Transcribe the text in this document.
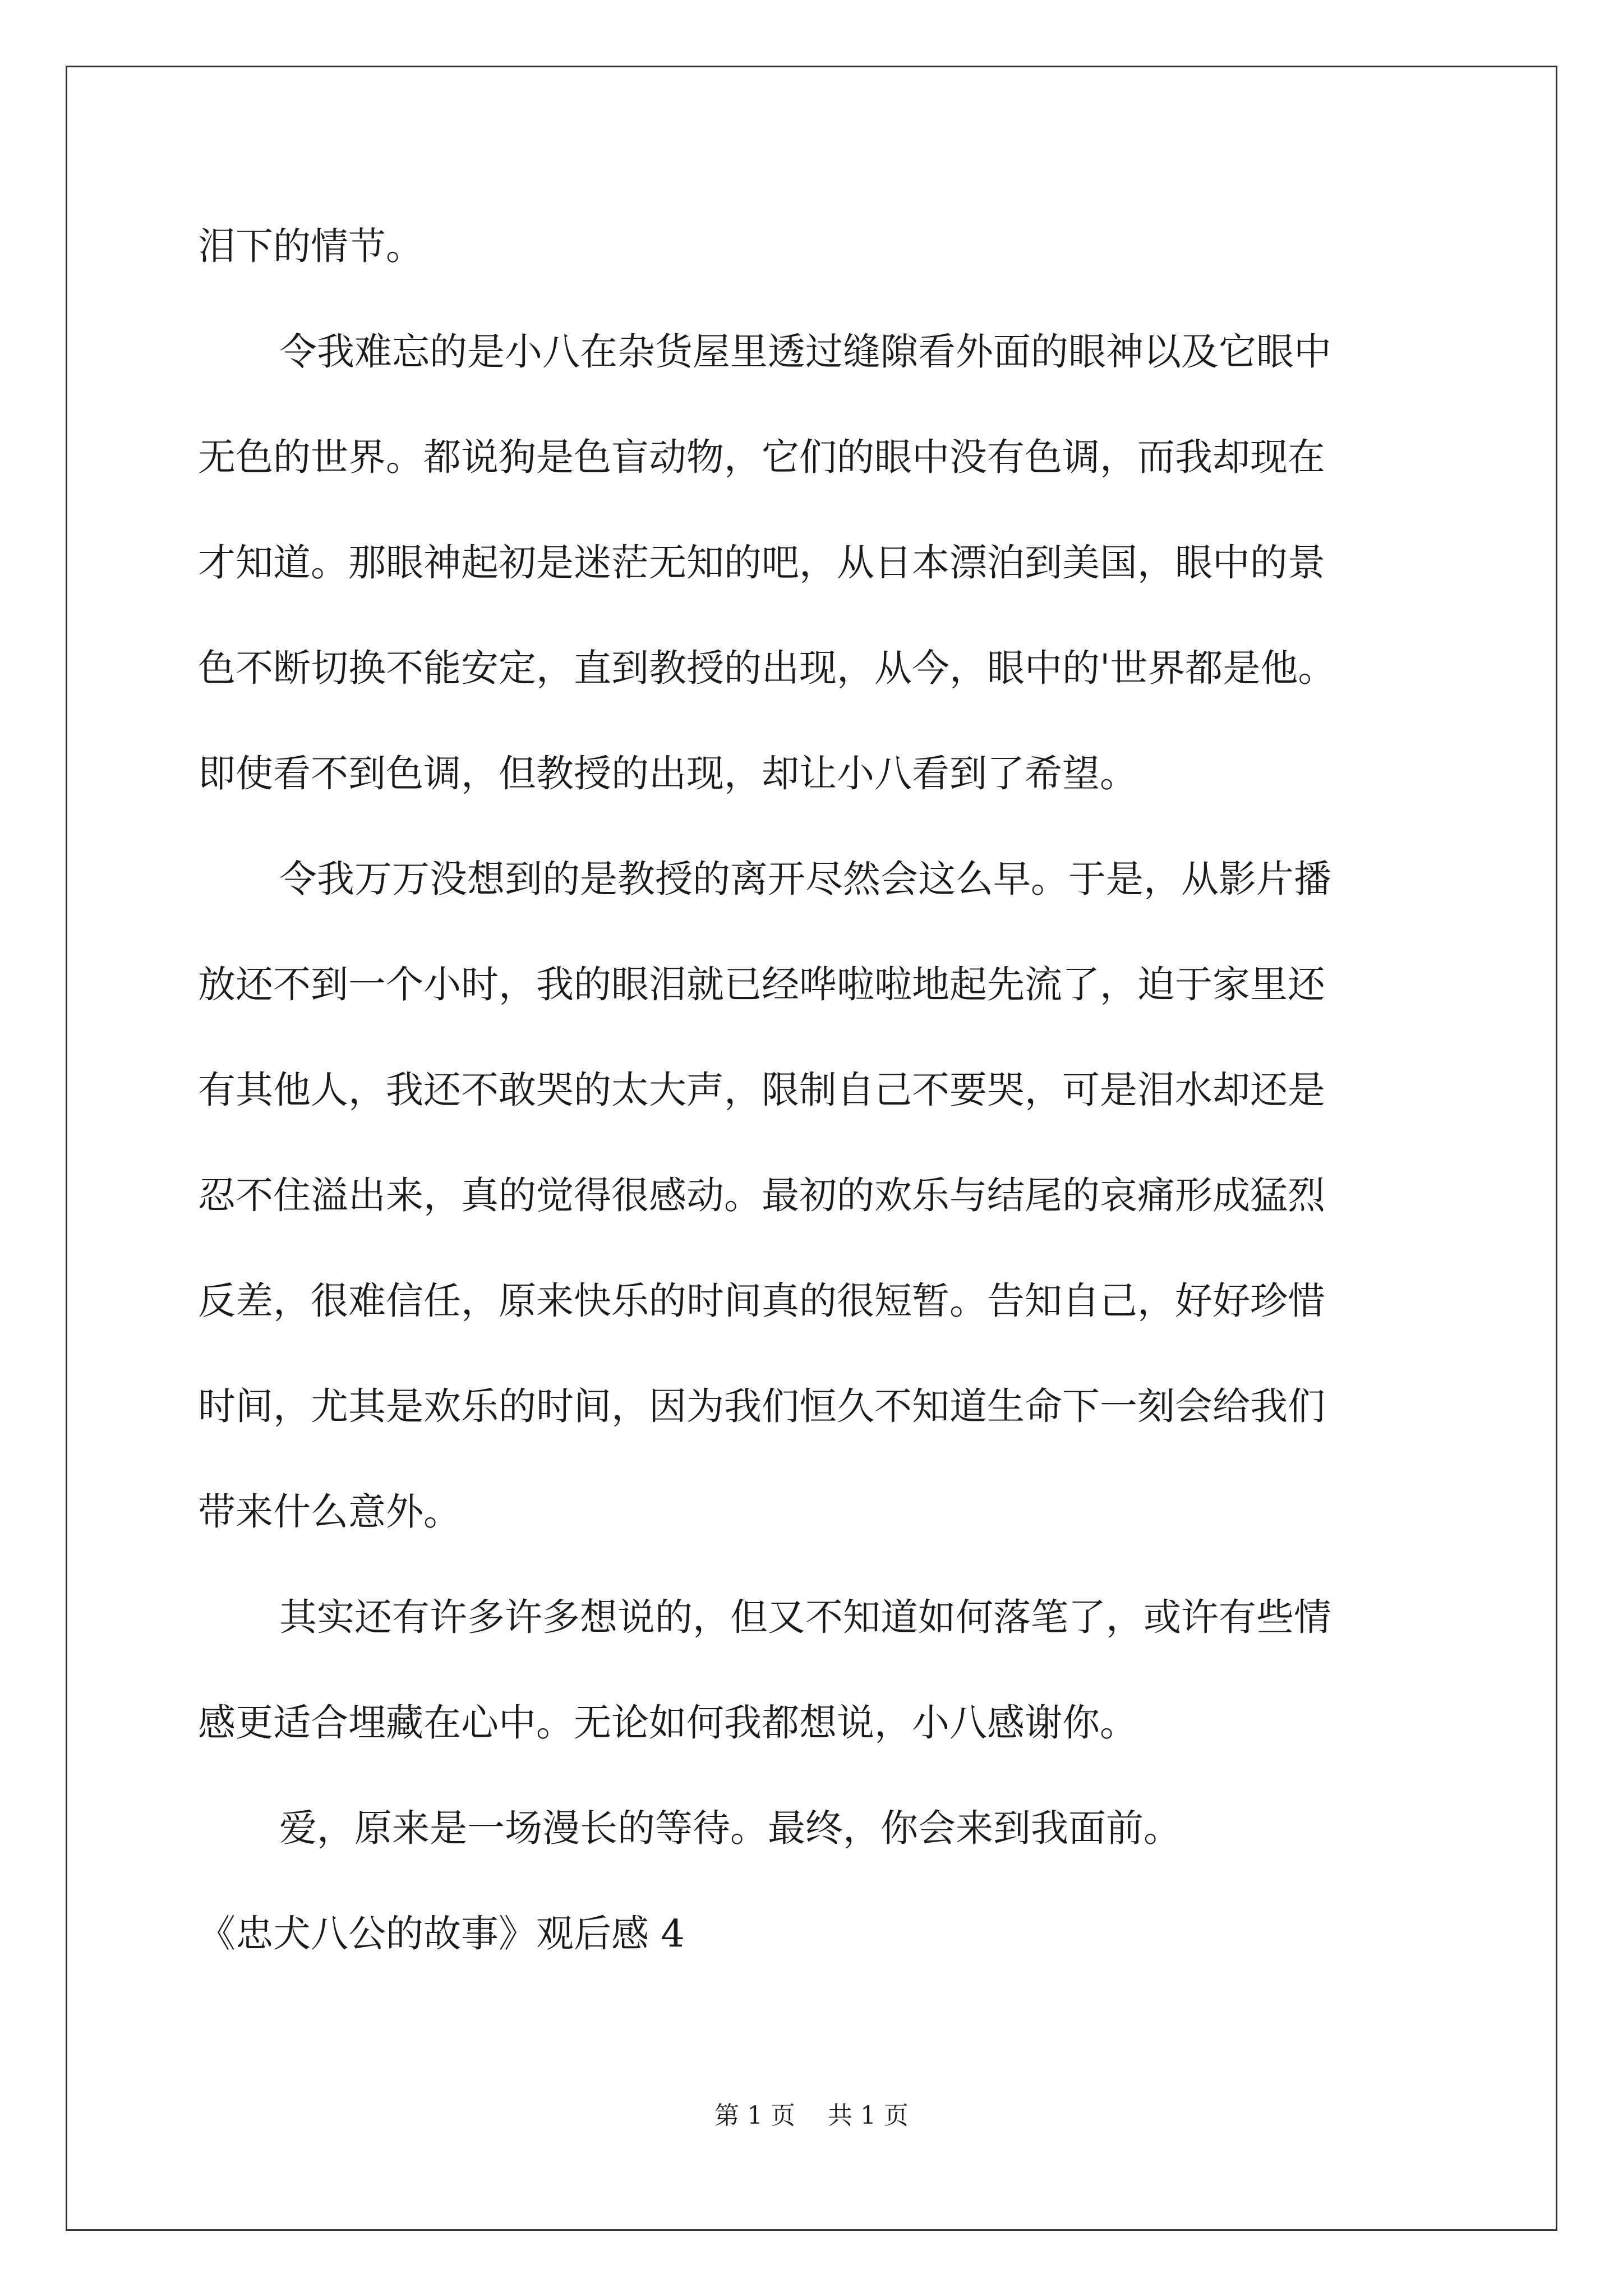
泪下的情节。
令我难忘的是小八在杂货屋里透过缝隙看外面的眼神以及它眼中
无色的世界。都说狗是色盲动物，它们的眼中没有色调，而我却现在
才知道。那眼神起初是迷茫无知的吧，从日本漂泊到美国，眼中的景
色不断切换不能安定，直到教授的出现，从今，眼中的'世界都是他。
即使看不到色调，但教授的出现，却让小八看到了希望。
令我万万没想到的是教授的离开尽然会这么早。于是，从影片播
放还不到一个小时，我的眼泪就已经哗啦啦地起先流了，迫于家里还
有其他人，我还不敢哭的太大声，限制自己不要哭，可是泪水却还是
忍不住溢出来，真的觉得很感动。最初的欢乐与结尾的哀痛形成猛烈
反差，很难信任，原来快乐的时间真的很短暂。告知自己，好好珍惜
时间，尤其是欢乐的时间，因为我们恒久不知道生命下一刻会给我们
带来什么意外。
其实还有许多许多想说的，但又不知道如何落笔了，或许有些情
感更适合埋藏在心中。无论如何我都想说，小八感谢你。
爱，原来是一场漫长的等待。最终，你会来到我面前。
《忠犬八公的故事》观后感 4
第 1 页 共 1 页
